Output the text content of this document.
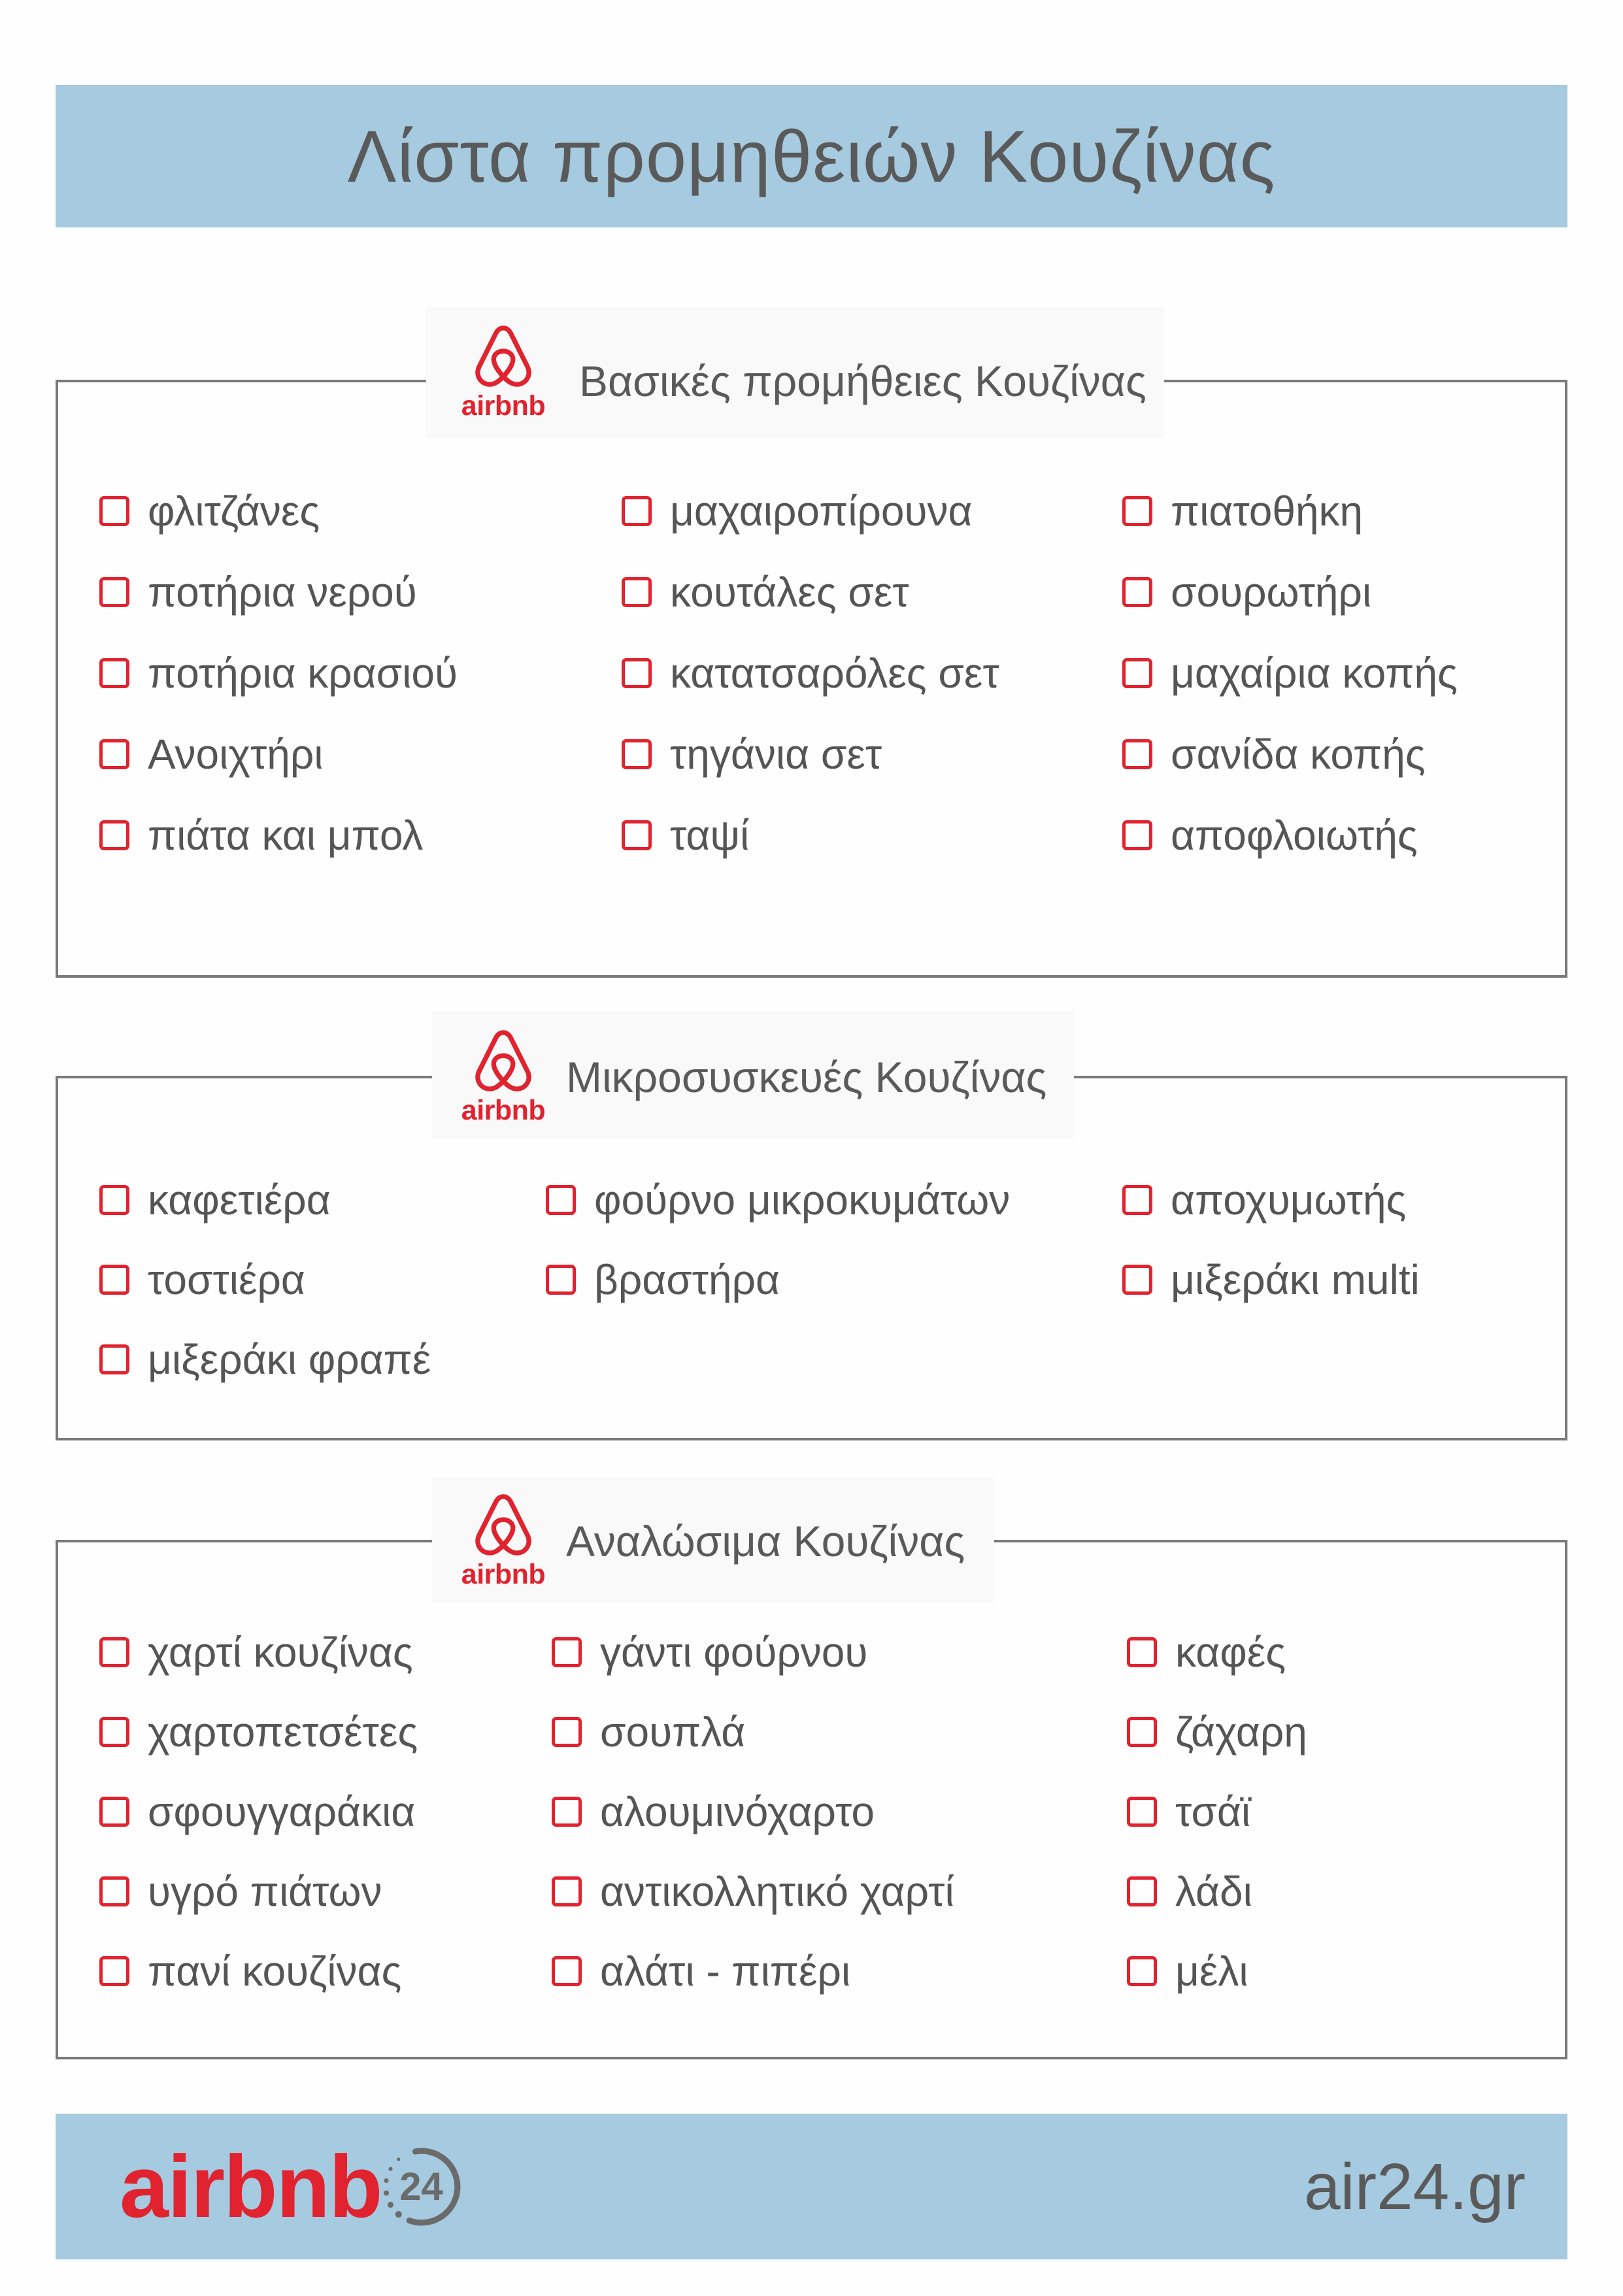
Λίστα προμηθειών Κουζίνας
airbnb
Βασικές προμήθειες Κουζίνας
φλιτζάνες
ποτήρια νερού
ποτήρια κρασιού
Ανοιχτήρι
πιάτα και μπολ
μαχαιροπίρουνα
κουτάλες σετ
κατατσαρόλες σετ
τηγάνια σετ
ταψί
πιατοθήκη
σουρωτήρι
μαχαίρια κοπής
σανίδα κοπής
αποφλοιωτής
airbnb
Μικροσυσκευές Κουζίνας
καφετιέρα
τοστιέρα
μιξεράκι φραπέ
φούρνο μικροκυμάτων
βραστήρα
αποχυμωτής
μιξεράκι multi
airbnb
Αναλώσιμα Κουζίνας
χαρτί κουζίνας
χαρτοπετσέτες
σφουγγαράκια
υγρό πιάτων
πανί κουζίνας
γάντι φούρνου
σουπλά
αλουμινόχαρτο
αντικολλητικό χαρτί
αλάτι - πιπέρι
καφές
ζάχαρη
τσάϊ
λάδι
μέλι
airbnb 24	air24.gr
